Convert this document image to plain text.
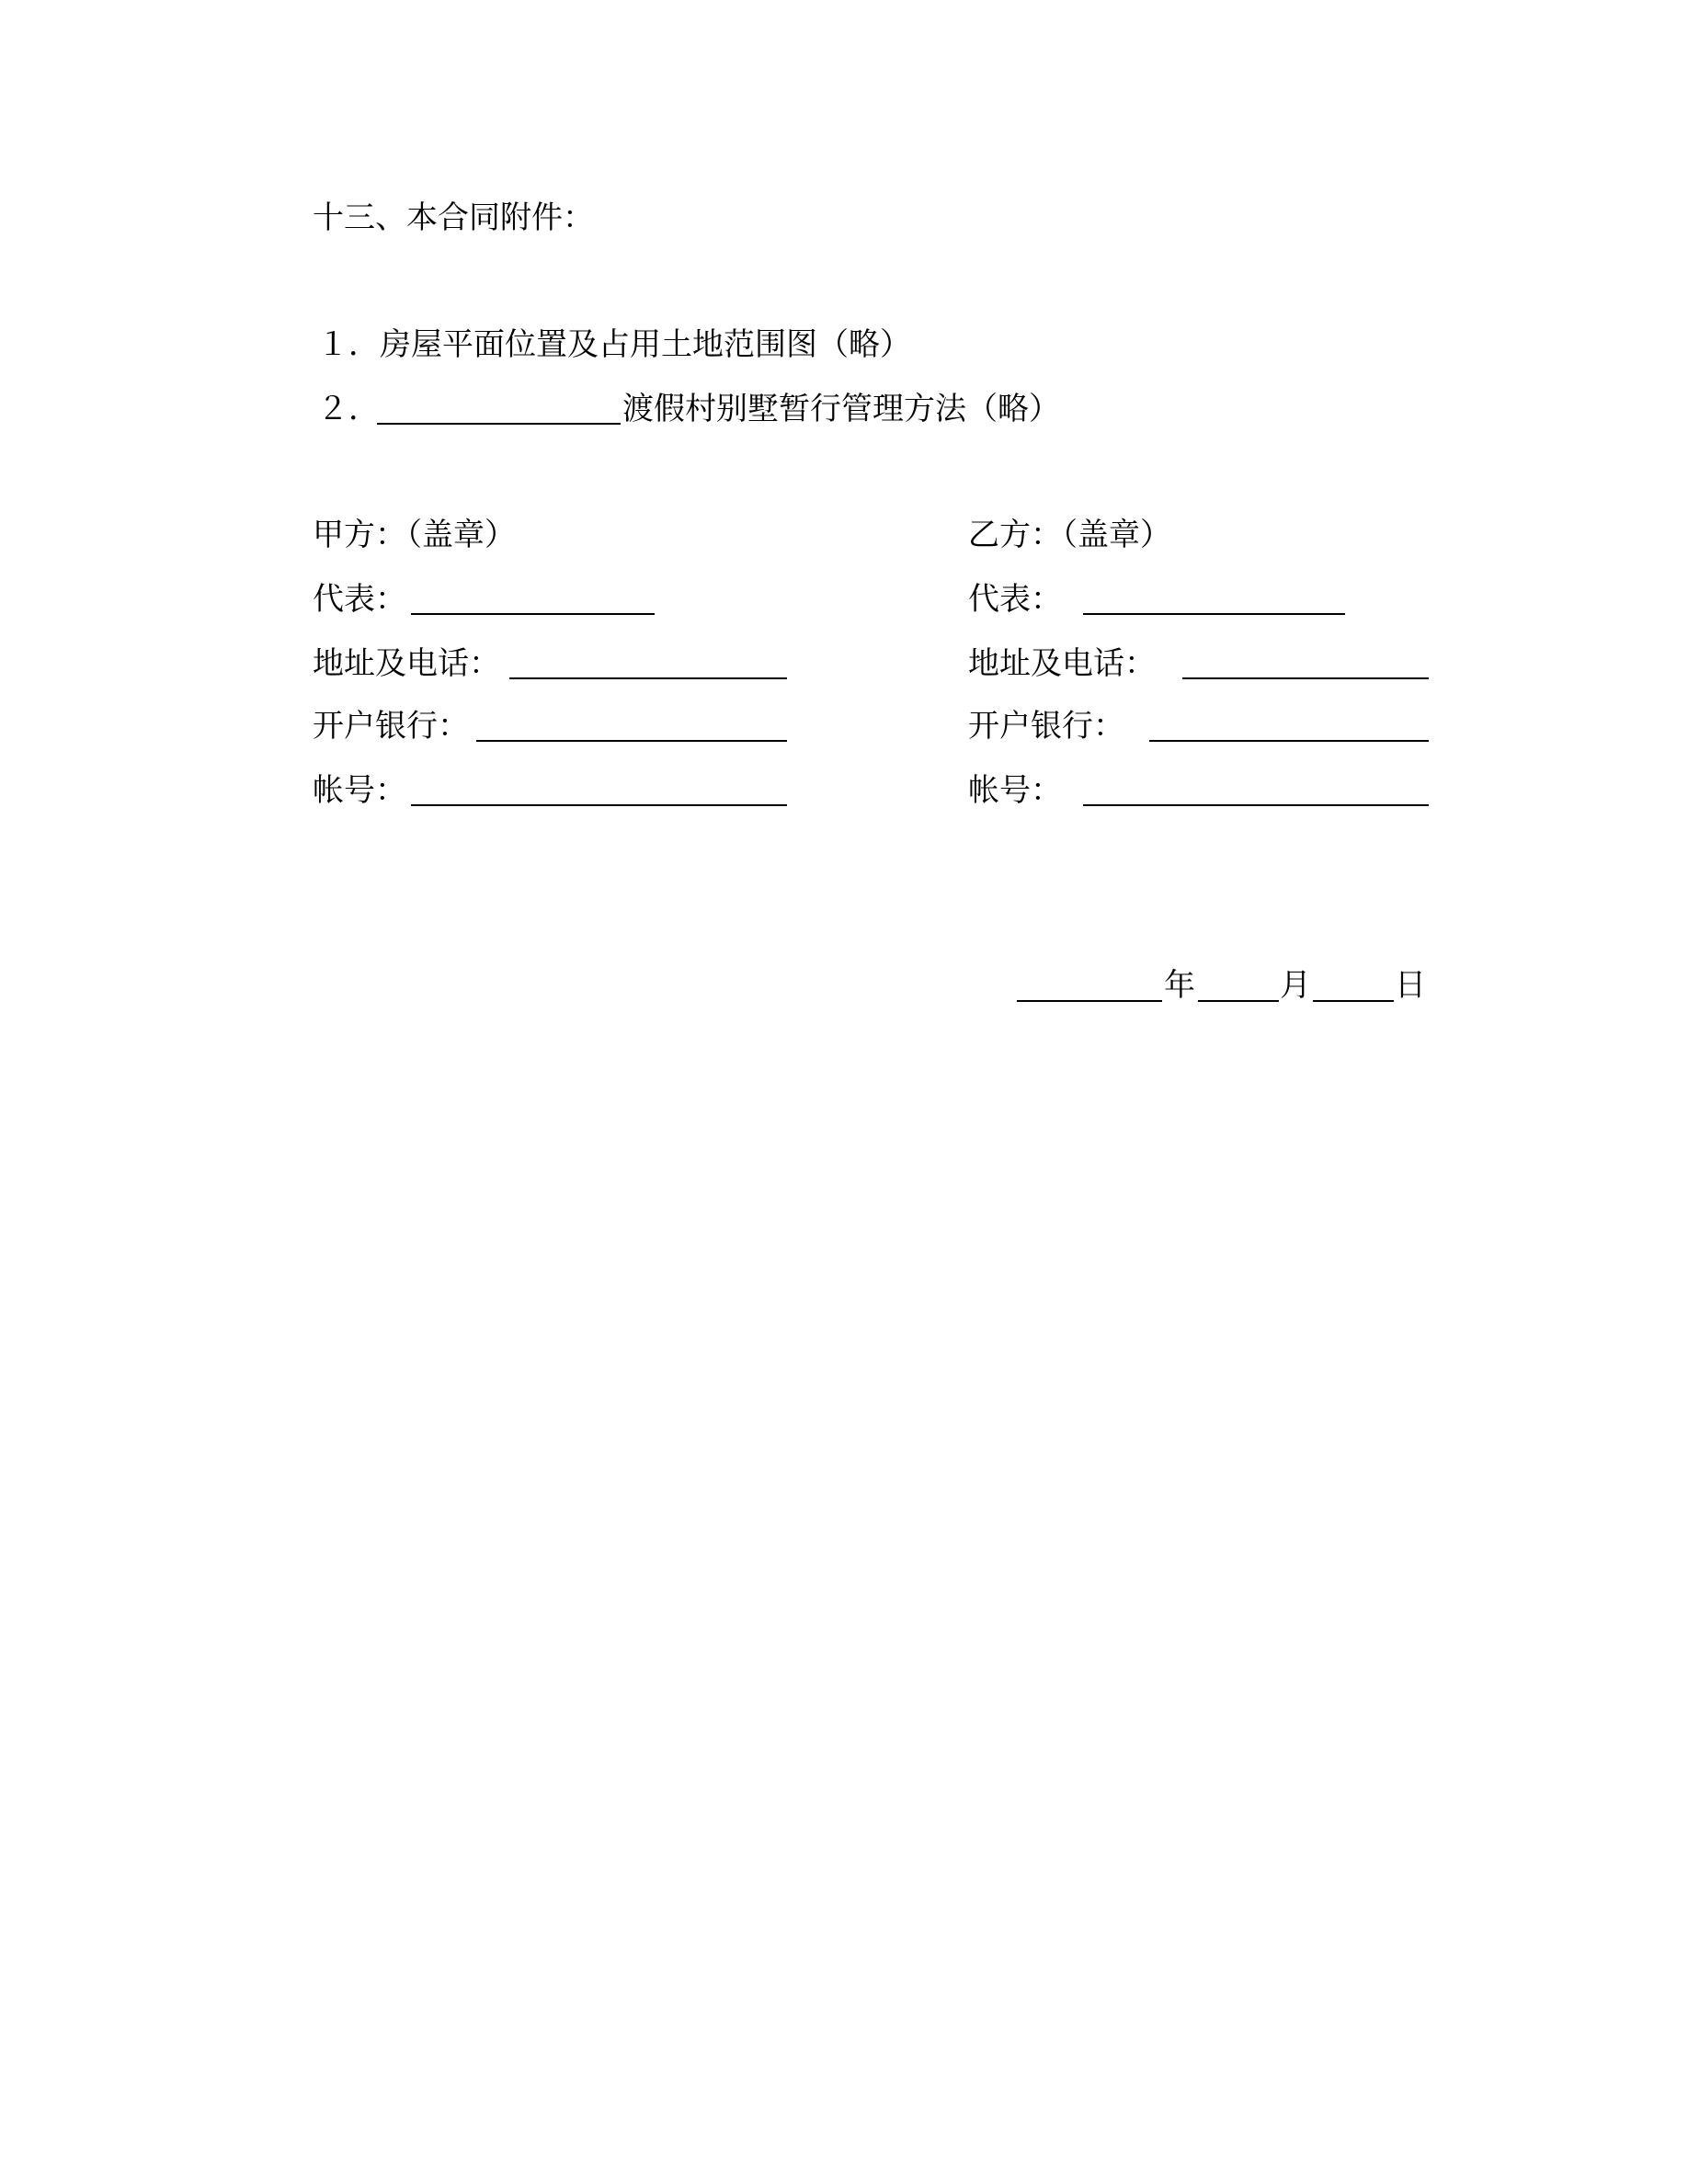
十三、本合同附件：
１．房屋平面位置及占用土地范围图（略）
２．	渡假村别墅暂行管理方法（略）
甲方：（盖章）
代表：
地址及电话：
开户银行：
帐号：
乙方：（盖章）
代表：
地址及电话：
开户银行：
帐号：
年	月	日
